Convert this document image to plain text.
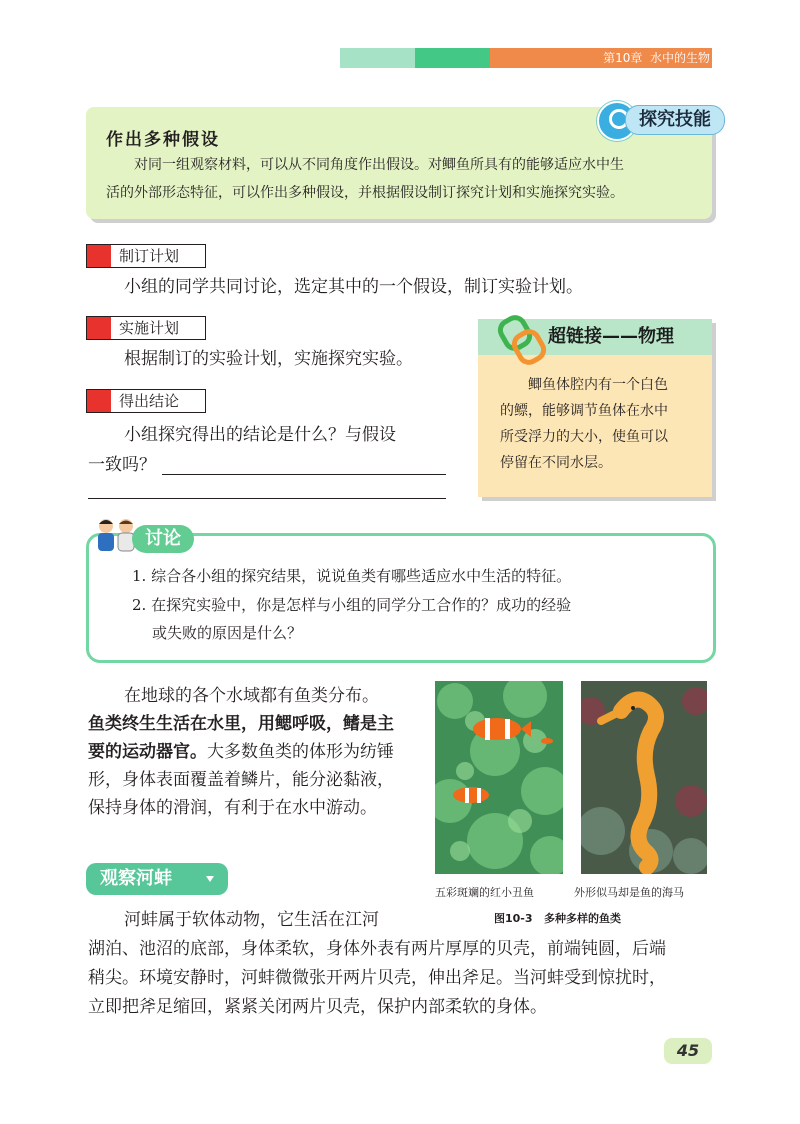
第10章 水中的生物
探究技能
作出多种假设
对同一组观察材料，可以从不同角度作出假设。对鲫鱼所具有的能够适应水中生
活的外部形态特征，可以作出多种假设，并根据假设制订探究计划和实施探究实验。
制订计划
小组的同学共同讨论，选定其中的一个假设，制订实验计划。
实施计划
根据制订的实验计划，实施探究实验。
得出结论
小组探究得出的结论是什么？与假设
一致吗？
超链接——物理
鲫鱼体腔内有一个白色
的鳔，能够调节鱼体在水中
所受浮力的大小，使鱼可以
停留在不同水层。
讨论
1. 综合各小组的探究结果，说说鱼类有哪些适应水中生活的特征。
2. 在探究实验中，你是怎样与小组的同学分工合作的？成功的经验
或失败的原因是什么？
在地球的各个水域都有鱼类分布。
鱼类终生生活在水里，用鳃呼吸，鳍是主
要的运动器官。大多数鱼类的体形为纺锤
形，身体表面覆盖着鳞片，能分泌黏液，
保持身体的滑润，有利于在水中游动。
五彩斑斓的红小丑鱼	外形似马却是鱼的海马
图10-3 多种多样的鱼类
观察河蚌
河蚌属于软体动物，它生活在江河
湖泊、池沼的底部，身体柔软，身体外表有两片厚厚的贝壳，前端钝圆，后端
稍尖。环境安静时，河蚌微微张开两片贝壳，伸出斧足。当河蚌受到惊扰时，
立即把斧足缩回，紧紧关闭两片贝壳，保护内部柔软的身体。
45
